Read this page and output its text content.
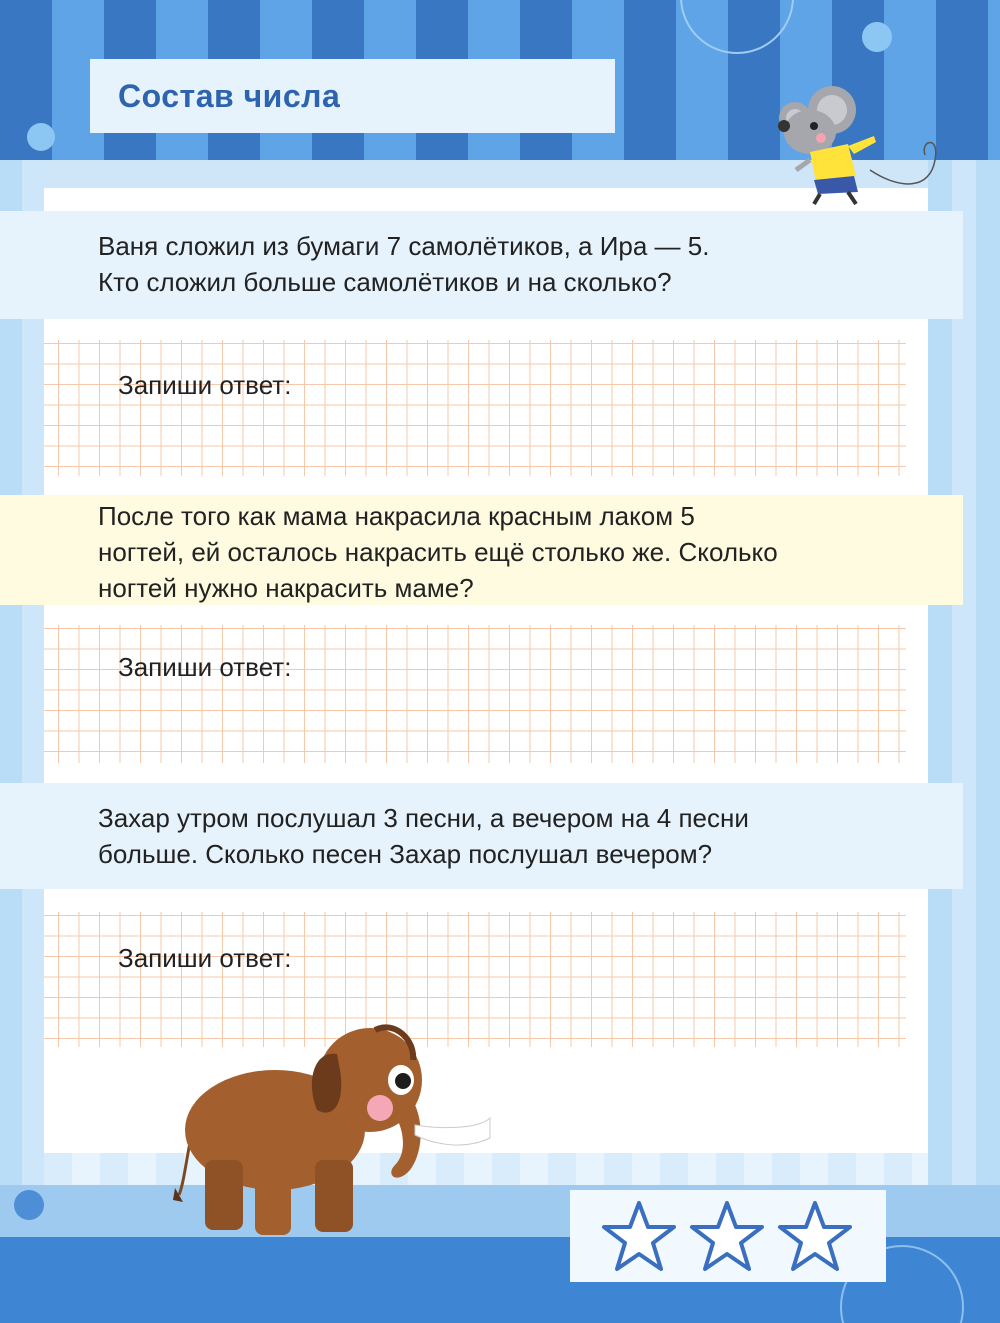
Состав числа

Ваня сложил из бумаги 7 самолётиков, а Ира — 5.

Кто сложил больше самолётиков и на сколько?

Запиши ответ:

После того как мама накрасила красным лаком 5

ногтей, ей осталось накрасить ещё столько же. Сколько

ногтей нужно накрасить маме?

Запиши ответ:

Захар утром послушал 3 песни, а вечером на 4 песни

больше. Сколько песен Захар послушал вечером?

Запиши ответ:
